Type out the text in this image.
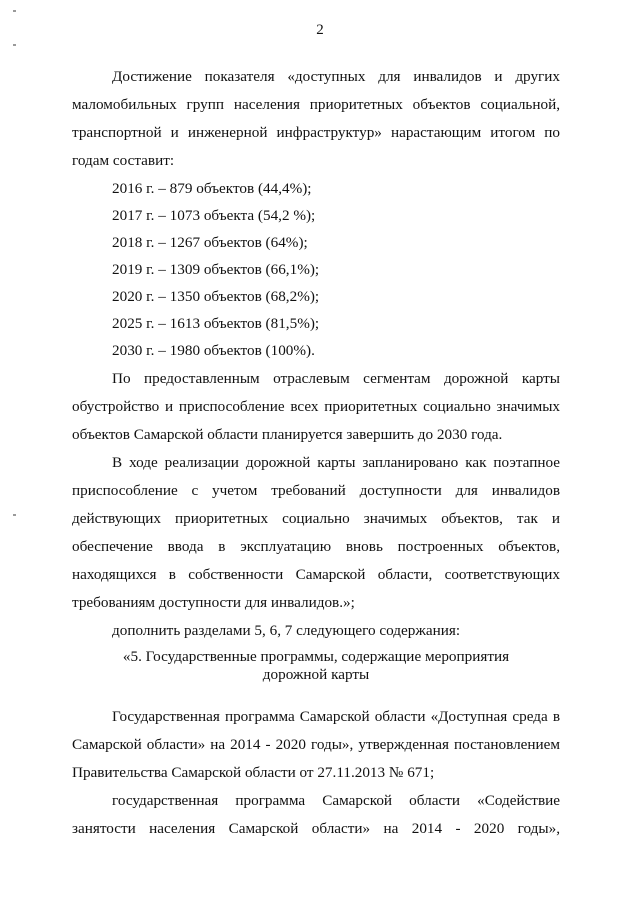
2
Достижение показателя «доступных для инвалидов и других
маломобильных групп населения приоритетных объектов социальной,
транспортной и инженерной инфраструктур» нарастающим итогом по
годам составит:
2016 г. – 879 объектов (44,4%);
2017 г. – 1073 объекта (54,2 %);
2018 г. – 1267 объектов (64%);
2019 г. – 1309 объектов (66,1%);
2020 г. – 1350 объектов (68,2%);
2025 г. – 1613 объектов (81,5%);
2030 г. – 1980 объектов (100%).
По предоставленным отраслевым сегментам дорожной карты
обустройство и приспособление всех приоритетных социально значимых
объектов Самарской области планируется завершить до 2030 года.
В ходе реализации дорожной карты запланировано как поэтапное
приспособление с учетом требований доступности для инвалидов
действующих приоритетных социально значимых объектов, так и
обеспечение ввода в эксплуатацию вновь построенных объектов,
находящихся в собственности Самарской области, соответствующих
требованиям доступности для инвалидов.»;
дополнить разделами 5, 6, 7 следующего содержания:
«5. Государственные программы, содержащие мероприятия
дорожной карты
Государственная программа Самарской области «Доступная среда в
Самарской области» на 2014 - 2020 годы», утвержденная постановлением
Правительства Самарской области от 27.11.2013 № 671;
государственная программа Самарской области «Содействие
занятости населения Самарской области» на 2014 - 2020 годы»,
